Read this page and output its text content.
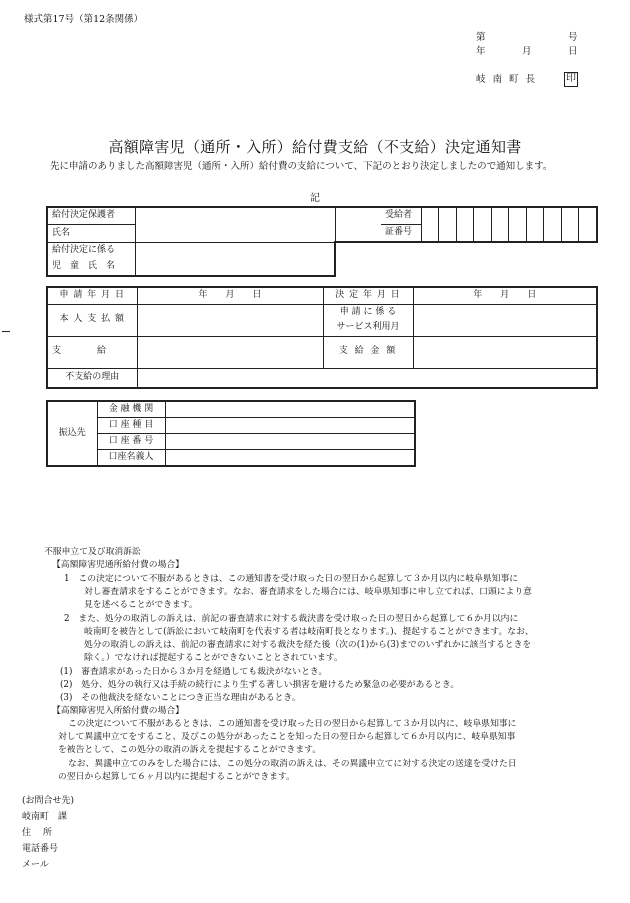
様式第17号（第12条関係）
第	号
年	月	日
岐 南 町 長	印
高額障害児（通所・入所）給付費支給（不支給）決定通知書
先に申請のありました高額障害児（通所・入所）給付費の支給について、下記のとおり決定しましたので通知します。
記
給付決定保護者			受給者										
氏名			証番号										
給付決定に係る													
児　童　氏　名													
申 請 年 月 日	年　　月　　日	決 定 年 月 日	年　　月　　日
本 人 支 払 額		申 請 に 係 る
サービス利用月	

支　　　　給		支 給 金 額	
不支給の理由			
振込先	金 融 機 関	
	口 座 種 目	
	口 座 番 号	
	口座名義人	
不服申立て及び取消訴訟
【高額障害児通所給付費の場合】
1　この決定について不服があるときは、この通知書を受け取った日の翌日から起算して３か月以内に岐阜県知事に
対し審査請求をすることができます。なお、審査請求をした場合には、岐阜県知事に申し立てれば、口頭により意
見を述べることができます。
2　また、処分の取消しの訴えは、前記の審査請求に対する裁決書を受け取った日の翌日から起算して６か月以内に
岐南町を被告として(訴訟において岐南町を代表する者は岐南町長となります。)、提起することができます。なお、
処分の取消しの訴えは、前記の審査請求に対する裁決を経た後（次の(1)から(3)までのいずれかに該当するときを
除く。）でなければ提起することができないこととされています。
(1)　審査請求があった日から３か月を経過しても裁決がないとき。
(2)　処分、処分の執行又は手続の続行により生ずる著しい損害を避けるため緊急の必要があるとき。
(3)　その他裁決を経ないことにつき正当な理由があるとき。
【高額障害児入所給付費の場合】
この決定について不服があるときは、この通知書を受け取った日の翌日から起算して３か月以内に、岐阜県知事に
対して異議申立てをすること、及びこの処分があったことを知った日の翌日から起算して６か月以内に、岐阜県知事
を被告として、この処分の取消の訴えを提起することができます。
なお、異議申立てのみをした場合には、この処分の取消の訴えは、その異議申立てに対する決定の送達を受けた日
の翌日から起算して６ヶ月以内に提起することができます。
(お問合せ先)
岐南町　課
住　 所
電話番号
メール
